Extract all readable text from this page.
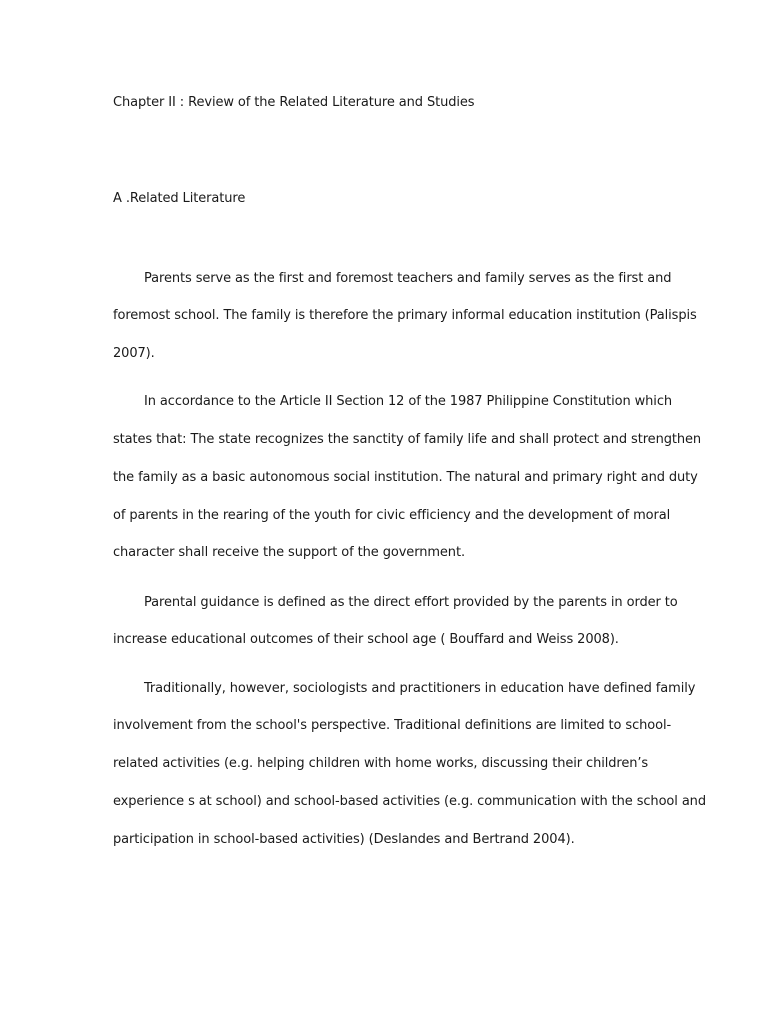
Chapter II : Review of the Related Literature and Studies
A .Related Literature
Parents serve as the first and foremost teachers and family serves as the first and
foremost school. The family is therefore the primary informal education institution (Palispis
2007).
In accordance to the Article II Section 12 of the 1987 Philippine Constitution which
states that: The state recognizes the sanctity of family life and shall protect and strengthen
the family as a basic autonomous social institution. The natural and primary right and duty
of parents in the rearing of the youth for civic efficiency and the development of moral
character shall receive the support of the government.
Parental guidance is defined as the direct effort provided by the parents in order to
increase educational outcomes of their school age ( Bouffard and Weiss 2008).
Traditionally, however, sociologists and practitioners in education have defined family
involvement from the school's perspective. Traditional definitions are limited to school-
related activities (e.g. helping children with home works, discussing their children’s
experience s at school) and school-based activities (e.g. communication with the school and
participation in school-based activities) (Deslandes and Bertrand 2004).
